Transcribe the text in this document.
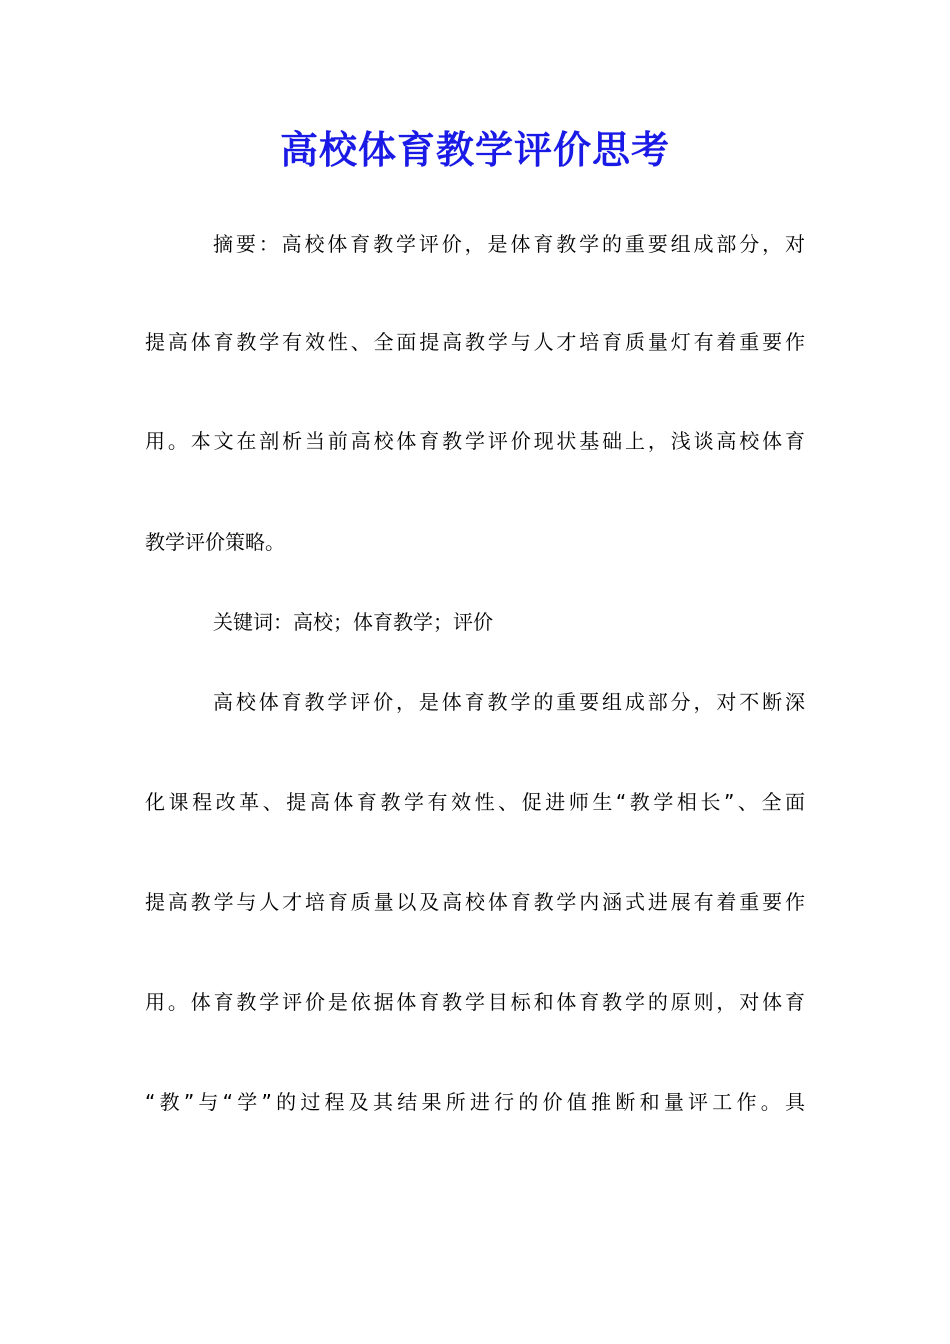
高校体育教学评价思考
摘要：高校体育教学评价，是体育教学的重要组成部分，对
提高体育教学有效性、全面提高教学与人才培育质量灯有着重要作
用。本文在剖析当前高校体育教学评价现状基础上，浅谈高校体育
教学评价策略。
关键词：高校；体育教学；评价
高校体育教学评价，是体育教学的重要组成部分，对不断深
化课程改革、提高体育教学有效性、促进师生“教学相长”、全面
提高教学与人才培育质量以及高校体育教学内涵式进展有着重要作
用。体育教学评价是依据体育教学目标和体育教学的原则，对体育
“教”与“学”的过程及其结果所进行的价值推断和量评工作。具
